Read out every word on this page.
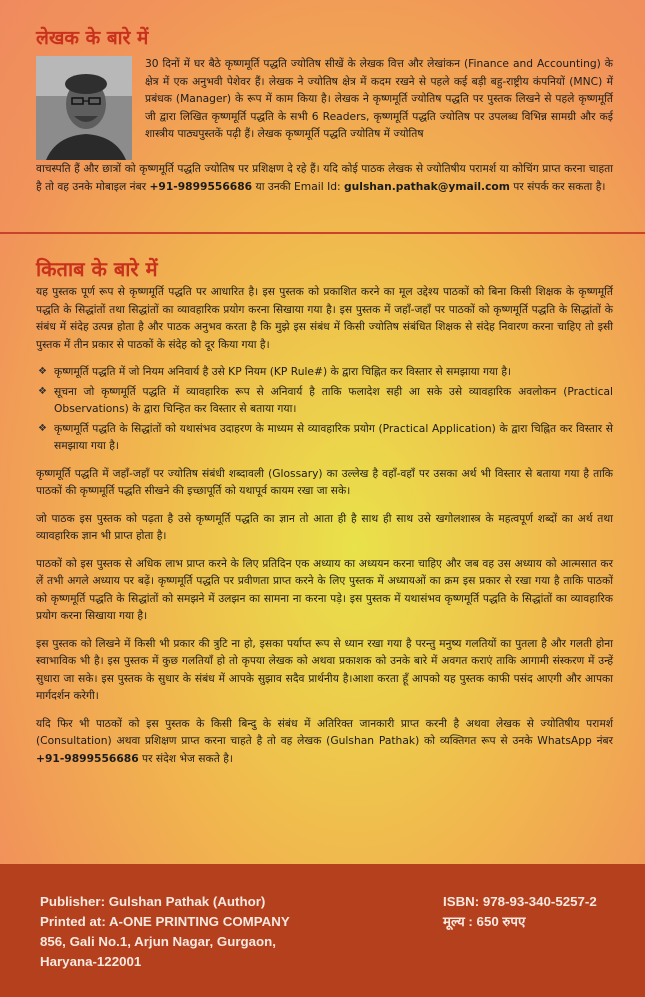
लेखक के बारे में
30 दिनों में घर बैठे कृष्णमूर्ति पद्धति ज्योतिष सीखें के लेखक वित्त और लेखांकन (Finance and Accounting) के क्षेत्र में एक अनुभवी पेशेवर हैं। लेखक ने ज्योतिष क्षेत्र में कदम रखने से पहले कई बड़ी बहु-राष्ट्रीय कंपनियों (MNC) में प्रबंधक (Manager) के रूप में काम किया है। लेखक ने कृष्णमूर्ति ज्योतिष पद्धति पर पुस्तक लिखने से पहले कृष्णमूर्ति जी द्वारा लिखित कृष्णमूर्ति पद्धति के सभी 6 Readers, कृष्णमूर्ति पद्धति ज्योतिष पर उपलब्ध विभिन्न सामग्री और कई शास्त्रीय पाठ्यपुस्तकें पढ़ी हैं। लेखक कृष्णमूर्ति पद्धति ज्योतिष में ज्योतिष
वाचस्पति हैं और छात्रों को कृष्णमूर्ति पद्धति ज्योतिष पर प्रशिक्षण दे रहे हैं। यदि कोई पाठक लेखक से ज्योतिषीय परामर्श या कोचिंग प्राप्त करना चाहता है तो वह उनके मोबाइल नंबर +91-9899556686 या उनकी Email Id: gulshan.pathak@ymail.com पर संपर्क कर सकता है।
किताब के बारे में

यह पुस्तक पूर्ण रूप से कृष्णमूर्ति पद्धति पर आधारित है। इस पुस्तक को प्रकाशित करने का मूल उद्देश्य पाठकों को बिना किसी शिक्षक के कृष्णमूर्ति पद्धति के सिद्धांतों तथा सिद्धांतों का व्यावहारिक प्रयोग करना सिखाया गया है। इस पुस्तक में जहाँ-जहाँ पर पाठकों को कृष्णमूर्ति पद्धति के सिद्धांतों के संबंध में संदेह उत्पन्न होता है और पाठक अनुभव करता है कि मुझे इस संबंध में किसी ज्योतिष संबंधित शिक्षक से संदेह निवारण करना चाहिए तो इसी पुस्तक में तीन प्रकार से पाठकों के संदेह को दूर किया गया है।

❖ कृष्णमूर्ति पद्धति में जो नियम अनिवार्य है उसे KP नियम (KP Rule#) के द्वारा चिह्नित कर विस्तार से समझाया गया है।
❖ सूचना जो कृष्णमूर्ति पद्धति में व्यावहारिक रूप से अनिवार्य है ताकि फलादेश सही आ सके उसे व्यावहारिक अवलोकन (Practical Observations) के द्वारा चिन्हित कर विस्तार से बताया गया।
❖ कृष्णमूर्ति पद्धति के सिद्धांतों को यथासंभव उदाहरण के माध्यम से व्यावहारिक प्रयोग (Practical Application) के द्वारा चिह्नित कर विस्तार से समझाया गया है।

कृष्णमूर्ति पद्धति में जहाँ-जहाँ पर ज्योतिष संबंधी शब्दावली (Glossary) का उल्लेख है वहाँ-वहाँ पर उसका अर्थ भी विस्तार से बताया गया है ताकि पाठकों की कृष्णमूर्ति पद्धति सीखने की इच्छापूर्ति को यथापूर्व कायम रखा जा सके।

जो पाठक इस पुस्तक को पढ़ता है उसे कृष्णमूर्ति पद्धति का ज्ञान तो आता ही है साथ ही साथ उसे खगोलशास्त्र के महत्वपूर्ण शब्दों का अर्थ तथा व्यावहारिक ज्ञान भी प्राप्त होता है।

पाठकों को इस पुस्तक से अधिक लाभ प्राप्त करने के लिए प्रतिदिन एक अध्याय का अध्ययन करना चाहिए और जब वह उस अध्याय को आत्मसात कर लें तभी अगले अध्याय पर बढ़ें। कृष्णमूर्ति पद्धति पर प्रवीणता प्राप्त करने के लिए पुस्तक में अध्यायओं का क्रम इस प्रकार से रखा गया है ताकि पाठकों को कृष्णमूर्ति पद्धति के सिद्धांतों को समझने में उलझन का सामना ना करना पड़े। इस पुस्तक में यथासंभव कृष्णमूर्ति पद्धति के सिद्धांतों का व्यावहारिक प्रयोग करना सिखाया गया है।

इस पुस्तक को लिखने में किसी भी प्रकार की त्रुटि ना हो, इसका पर्याप्त रूप से ध्यान रखा गया है परन्तु मनुष्य गलतियों का पुतला है और गलती होना स्वाभाविक भी है। इस पुस्तक में कुछ गलतियाँ हो तो कृपया लेखक को अथवा प्रकाशक को उनके बारे में अवगत कराएं ताकि आगामी संस्करण में उन्हें सुधारा जा सके। इस पुस्तक के सुधार के संबंध में आपके सुझाव सदैव प्रार्थनीय है।आशा करता हूँ आपको यह पुस्तक काफी पसंद आएगी और आपका मार्गदर्शन करेगी।

यदि फिर भी पाठकों को इस पुस्तक के किसी बिन्दु के संबंध में अतिरिक्त जानकारी प्राप्त करनी है अथवा लेखक से ज्योतिषीय परामर्श (Consultation) अथवा प्रशिक्षण प्राप्त करना चाहते है तो वह लेखक (Gulshan Pathak) को व्यक्तिगत रूप से उनके WhatsApp नंबर +91-9899556686 पर संदेश भेज सकते है।

Publisher: Gulshan Pathak (Author)
Printed at: A-ONE PRINTING COMPANY
856, Gali No.1, Arjun Nagar, Gurgaon,
Haryana-122001
ISBN: 978-93-340-5257-2
मूल्य : 650 रुपए
